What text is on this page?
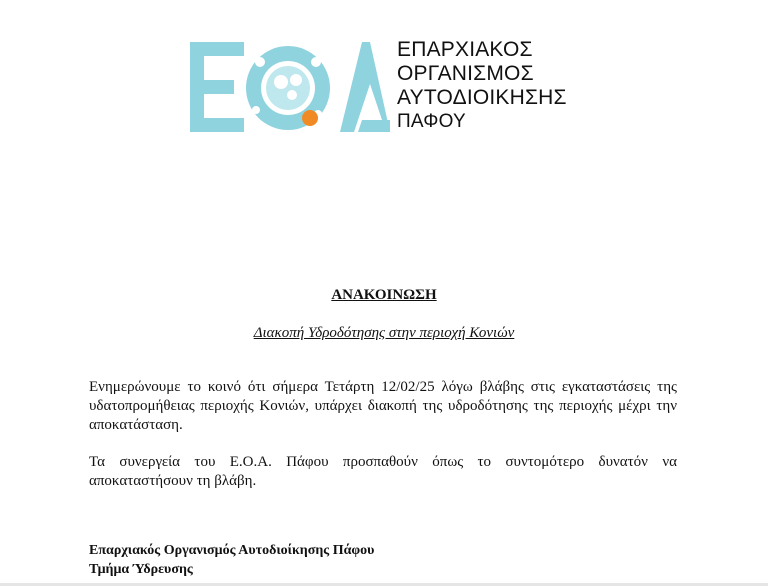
ΕΠΑΡΧΙΑΚΟΣ
ΟΡΓΑΝΙΣΜΟΣ
ΑΥΤΟΔΙΟΙΚΗΣΗΣ
ΠΑΦΟΥ
ΑΝΑΚΟΙΝΩΣΗ
Διακοπή Υδροδότησης στην περιοχή Κονιών
Ενημερώνουμε το κοινό ότι σήμερα Τετάρτη 12/02/25 λόγω βλάβης στις εγκαταστάσεις της υδατοπρομήθειας περιοχής Κονιών, υπάρχει διακοπή της υδροδότησης της περιοχής μέχρι την αποκατάσταση.
Τα συνεργεία του Ε.Ο.Α. Πάφου προσπαθούν όπως το συντομότερο δυνατόν να αποκαταστήσουν τη βλάβη.
Επαρχιακός Οργανισμός Αυτοδιοίκησης Πάφου
Τμήμα Ύδρευσης
